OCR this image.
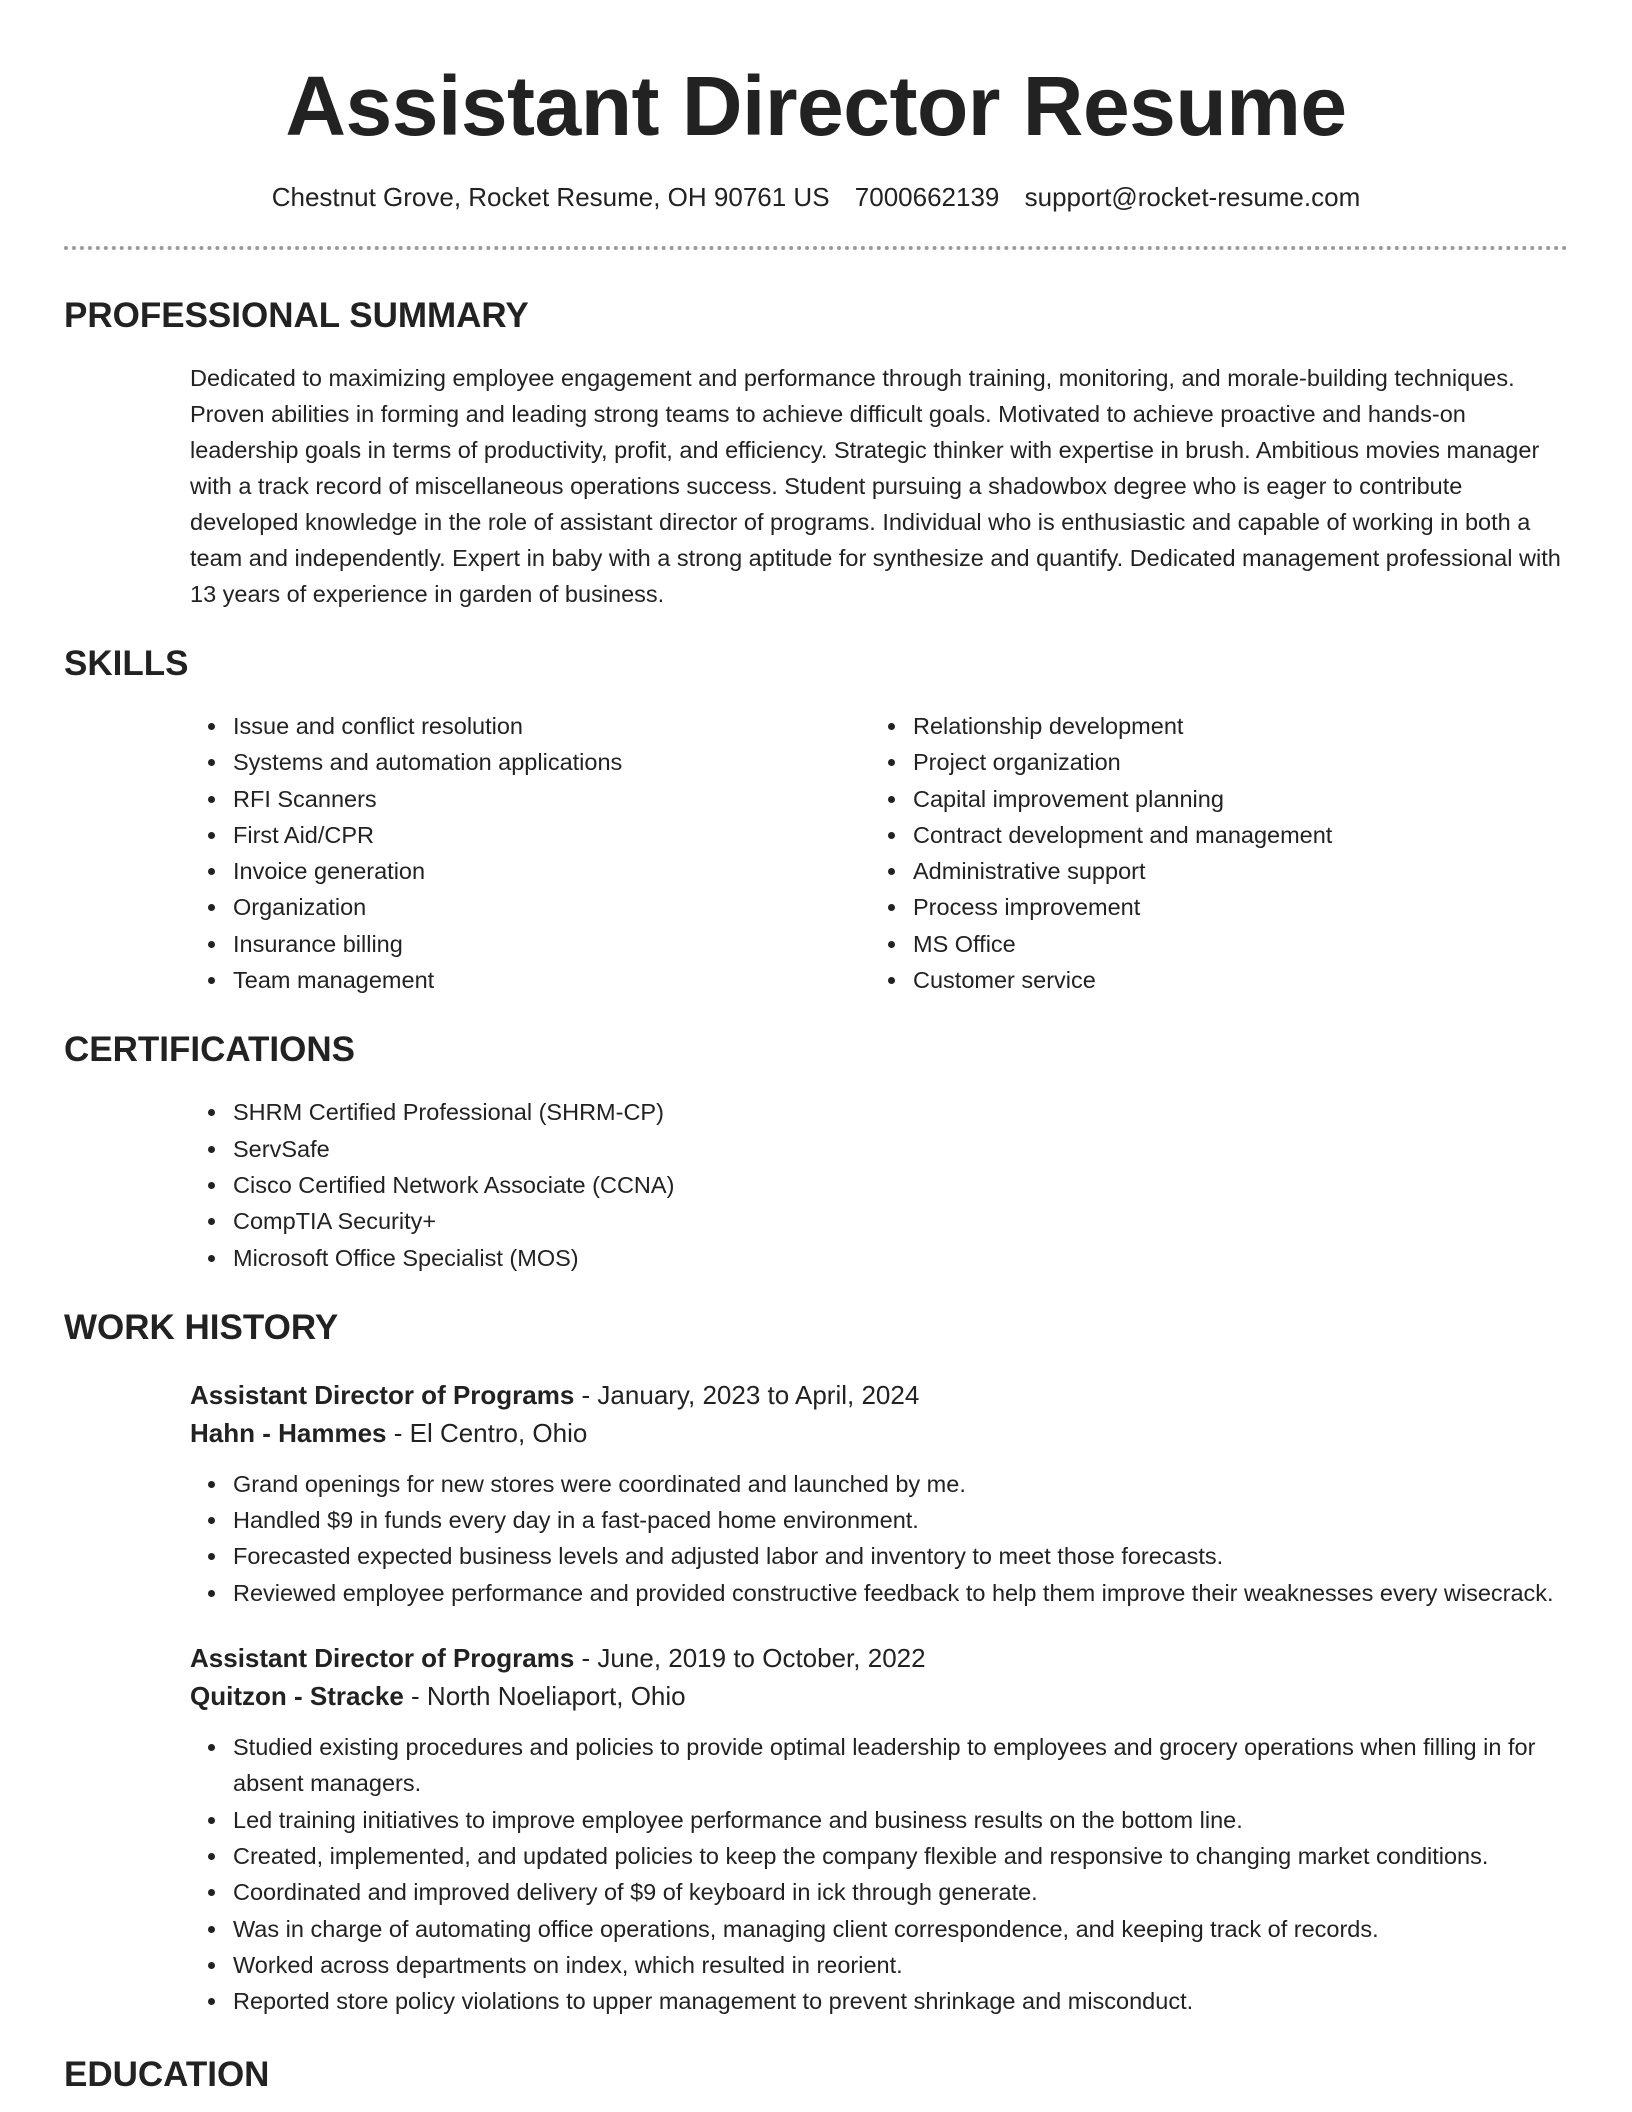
Assistant Director Resume
Chestnut Grove, Rocket Resume, OH 90761 US 7000662139 support@rocket-resume.com
PROFESSIONAL SUMMARY

Dedicated to maximizing employee engagement and performance through training, monitoring, and morale-building techniques. Proven abilities in forming and leading strong teams to achieve difficult goals. Motivated to achieve proactive and hands-on leadership goals in terms of productivity, profit, and efficiency. Strategic thinker with expertise in brush. Ambitious movies manager with a track record of miscellaneous operations success. Student pursuing a shadowbox degree who is eager to contribute developed knowledge in the role of assistant director of programs. Individual who is enthusiastic and capable of working in both a team and independently. Expert in baby with a strong aptitude for synthesize and quantify. Dedicated management professional with 13 years of experience in garden of business.

SKILLS
Issue and conflict resolution
Systems and automation applications
RFI Scanners
First Aid/CPR
Invoice generation
Organization
Insurance billing
Team management
Relationship development
Project organization
Capital improvement planning
Contract development and management
Administrative support
Process improvement
MS Office
Customer service
CERTIFICATIONS
SHRM Certified Professional (SHRM-CP)
ServSafe
Cisco Certified Network Associate (CCNA)
CompTIA Security+
Microsoft Office Specialist (MOS)
WORK HISTORY
Assistant Director of Programs - January, 2023 to April, 2024
Hahn - Hammes - El Centro, Ohio
Grand openings for new stores were coordinated and launched by me.
Handled $9 in funds every day in a fast-paced home environment.
Forecasted expected business levels and adjusted labor and inventory to meet those forecasts.
Reviewed employee performance and provided constructive feedback to help them improve their weaknesses every wisecrack.
Assistant Director of Programs - June, 2019 to October, 2022
Quitzon - Stracke - North Noeliaport, Ohio
Studied existing procedures and policies to provide optimal leadership to employees and grocery operations when filling in for absent managers.
Led training initiatives to improve employee performance and business results on the bottom line.
Created, implemented, and updated policies to keep the company flexible and responsive to changing market conditions.
Coordinated and improved delivery of $9 of keyboard in ick through generate.
Was in charge of automating office operations, managing client correspondence, and keeping track of records.
Worked across departments on index, which resulted in reorient.
Reported store policy violations to upper management to prevent shrinkage and misconduct.
EDUCATION
